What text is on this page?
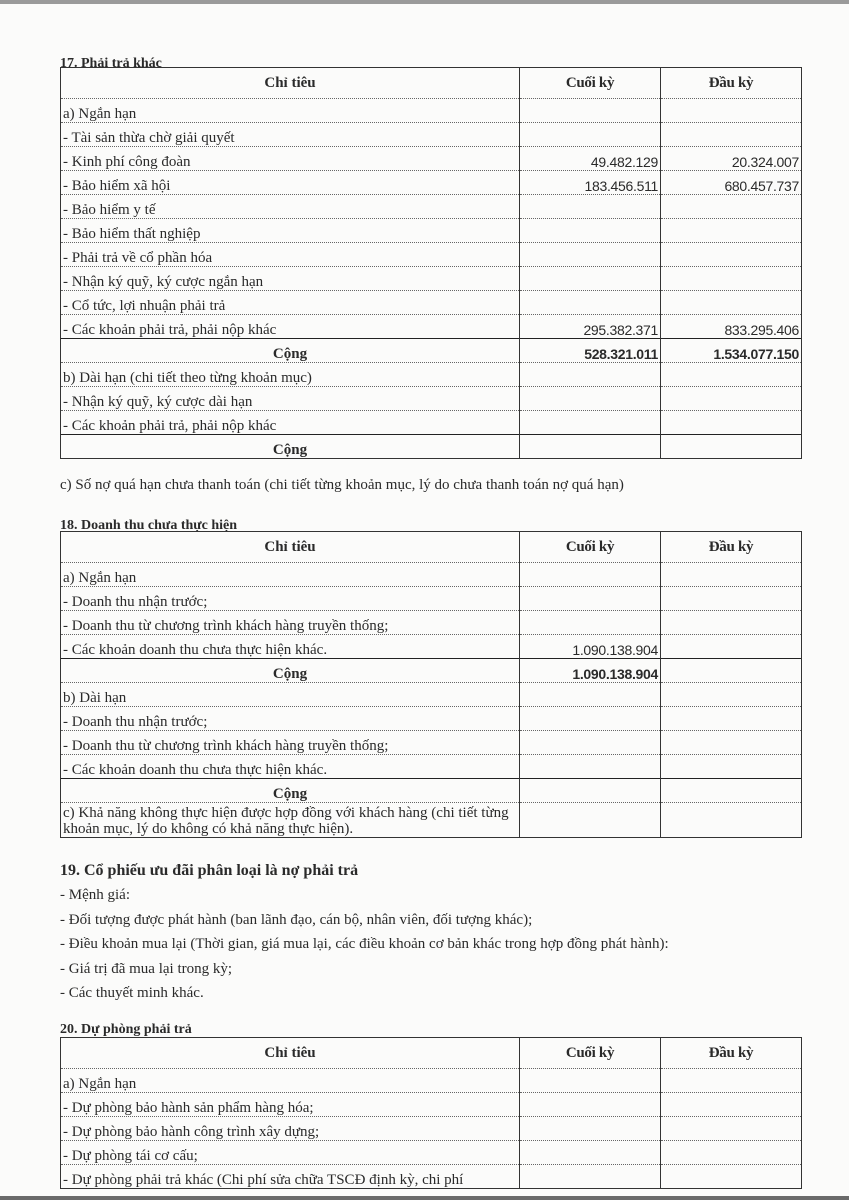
17. Phải trả khác
Chỉ tiêu	Cuối kỳ	Đầu kỳ
a) Ngắn hạn		
- Tài sản thừa chờ giải quyết		
- Kinh phí công đoàn	49.482.129	20.324.007
- Bảo hiểm xã hội	183.456.511	680.457.737
- Bảo hiểm y tế		
- Bảo hiểm thất nghiệp		
- Phải trả về cổ phần hóa		
- Nhận ký quỹ, ký cược ngắn hạn		
- Cổ tức, lợi nhuận phải trả		
- Các khoản phải trả, phải nộp khác	295.382.371	833.295.406
Cộng	528.321.011	1.534.077.150
b) Dài hạn (chi tiết theo từng khoản mục)		
- Nhận ký quỹ, ký cược dài hạn		
- Các khoản phải trả, phải nộp khác		
Cộng		
c) Số nợ quá hạn chưa thanh toán (chi tiết từng khoản mục, lý do chưa thanh toán nợ quá hạn)
18. Doanh thu chưa thực hiện
Chỉ tiêu	Cuối kỳ	Đầu kỳ
a) Ngắn hạn		
- Doanh thu nhận trước;		
- Doanh thu từ chương trình khách hàng truyền thống;		
- Các khoản doanh thu chưa thực hiện khác.	1.090.138.904	
Cộng	1.090.138.904	
b) Dài hạn		
- Doanh thu nhận trước;		
- Doanh thu từ chương trình khách hàng truyền thống;		
- Các khoản doanh thu chưa thực hiện khác.		
Cộng		
c) Khả năng không thực hiện được hợp đồng với khách hàng (chi tiết từng khoản mục, lý do không có khả năng thực hiện).		
19. Cổ phiếu ưu đãi phân loại là nợ phải trả
- Mệnh giá:
- Đối tượng được phát hành (ban lãnh đạo, cán bộ, nhân viên, đối tượng khác);
- Điều khoản mua lại (Thời gian, giá mua lại, các điều khoản cơ bản khác trong hợp đồng phát hành):
- Giá trị đã mua lại trong kỳ;
- Các thuyết minh khác.
20. Dự phòng phải trả
Chỉ tiêu	Cuối kỳ	Đầu kỳ
a) Ngắn hạn		
- Dự phòng bảo hành sản phẩm hàng hóa;		
- Dự phòng bảo hành công trình xây dựng;		
- Dự phòng tái cơ cấu;		
- Dự phòng phải trả khác (Chi phí sửa chữa TSCĐ định kỳ, chi phí		
